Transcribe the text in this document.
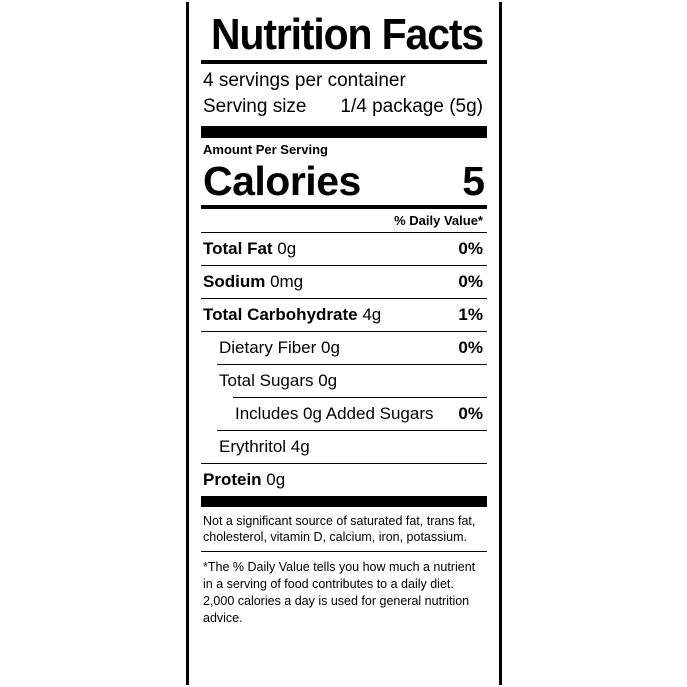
Nutrition Facts
4 servings per container
Serving size 1/4 package (5g)
Amount Per Serving
Calories 5
% Daily Value*
Total Fat 0g	0%
Sodium 0mg	0%
Total Carbohydrate 4g	1%
Dietary Fiber 0g	0%
Total Sugars 0g
Includes 0g Added Sugars 0%
Erythritol 4g
Protein 0g
Not a significant source of saturated fat, trans fat, cholesterol, vitamin D, calcium, iron, potassium.
*The % Daily Value tells you how much a nutrient in a serving of food contributes to a daily diet. 2,000 calories a day is used for general nutrition advice.
